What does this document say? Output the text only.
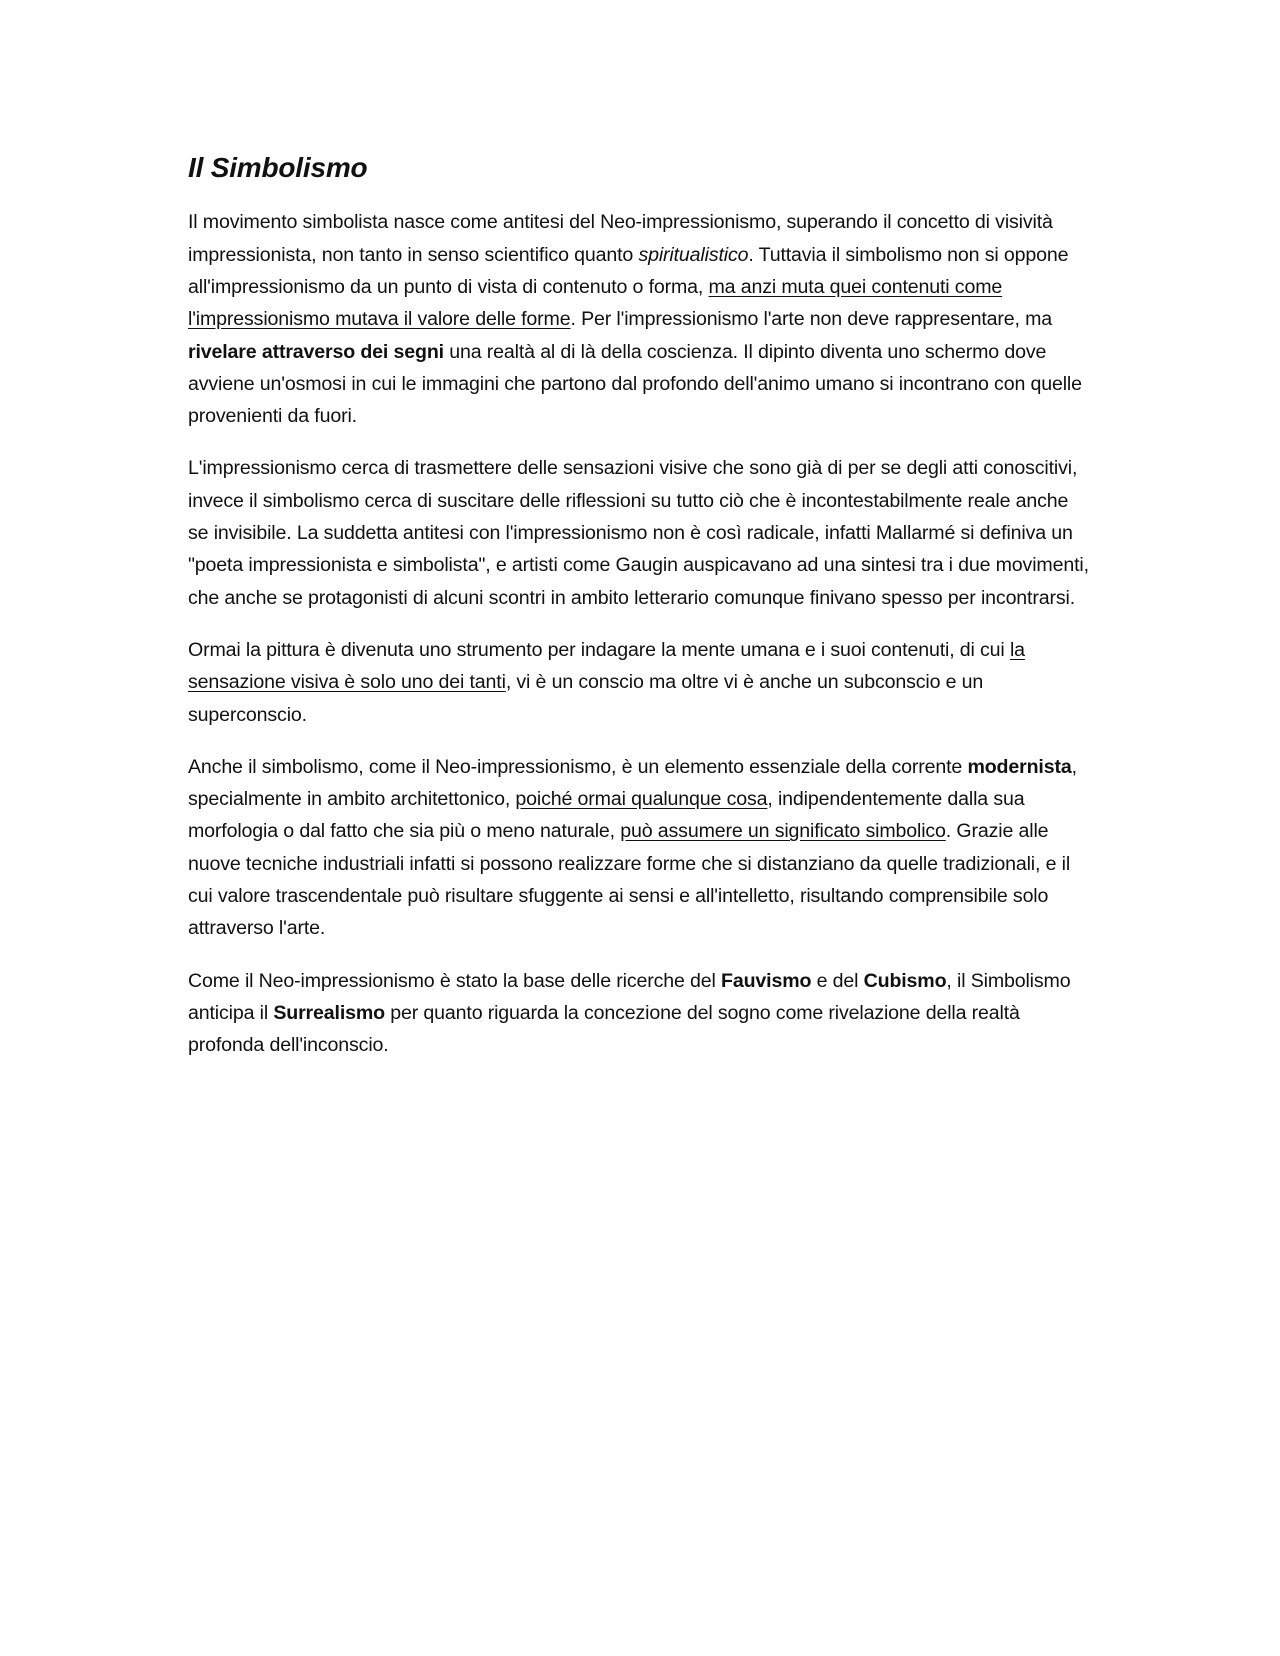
Il Simbolismo

Il movimento simbolista nasce come antitesi del Neo-impressionismo, superando il concetto di visività impressionista, non tanto in senso scientifico quanto spiritualistico. Tuttavia il simbolismo non si oppone all'impressionismo da un punto di vista di contenuto o forma, ma anzi muta quei contenuti come l'impressionismo mutava il valore delle forme. Per l'impressionismo l'arte non deve rappresentare, ma rivelare attraverso dei segni una realtà al di là della coscienza. Il dipinto diventa uno schermo dove avviene un'osmosi in cui le immagini che partono dal profondo dell'animo umano si incontrano con quelle provenienti da fuori.

L'impressionismo cerca di trasmettere delle sensazioni visive che sono già di per se degli atti conoscitivi, invece il simbolismo cerca di suscitare delle riflessioni su tutto ciò che è incontestabilmente reale anche se invisibile. La suddetta antitesi con l'impressionismo non è così radicale, infatti Mallarmé si definiva un "poeta impressionista e simbolista", e artisti come Gaugin auspicavano ad una sintesi tra i due movimenti, che anche se protagonisti di alcuni scontri in ambito letterario comunque finivano spesso per incontrarsi.

Ormai la pittura è divenuta uno strumento per indagare la mente umana e i suoi contenuti, di cui la sensazione visiva è solo uno dei tanti, vi è un conscio ma oltre vi è anche un subconscio e un superconscio.

Anche il simbolismo, come il Neo-impressionismo, è un elemento essenziale della corrente modernista, specialmente in ambito architettonico, poiché ormai qualunque cosa, indipendentemente dalla sua morfologia o dal fatto che sia più o meno naturale, può assumere un significato simbolico. Grazie alle nuove tecniche industriali infatti si possono realizzare forme che si distanziano da quelle tradizionali, e il cui valore trascendentale può risultare sfuggente ai sensi e all'intelletto, risultando comprensibile solo attraverso l'arte.

Come il Neo-impressionismo è stato la base delle ricerche del Fauvismo e del Cubismo, il Simbolismo anticipa il Surrealismo per quanto riguarda la concezione del sogno come rivelazione della realtà profonda dell'inconscio.
